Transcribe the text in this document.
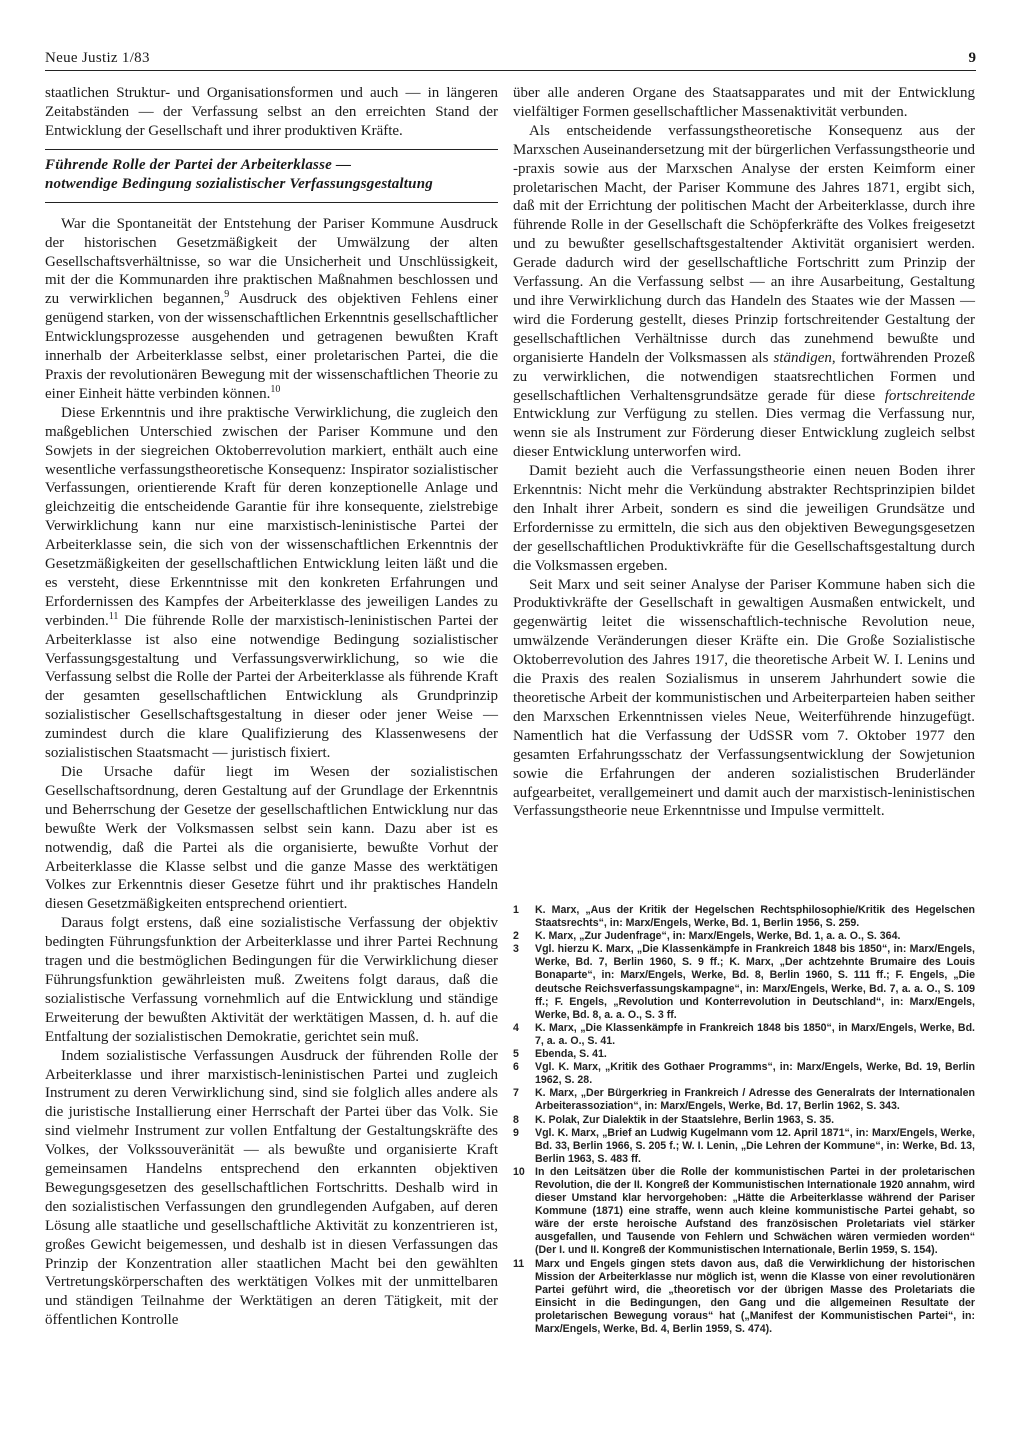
Neue Justiz 1/83	9

staatlichen Struktur- und Organisationsformen und auch — in längeren Zeitabständen — der Verfassung selbst an den erreichten Stand der Entwicklung der Gesellschaft und ihrer produktiven Kräfte.

Führende Rolle der Partei der Arbeiterklasse —
notwendige Bedingung sozialistischer Verfassungsgestaltung

War die Spontaneität der Entstehung der Pariser Kommune Ausdruck der historischen Gesetzmäßigkeit der Umwälzung der alten Gesellschaftsverhältnisse, so war die Unsicherheit und Unschlüssigkeit, mit der die Kommunarden ihre praktischen Maßnahmen beschlossen und zu verwirklichen begannen,$^9$ Ausdruck des objektiven Fehlens einer genügend starken, von der wissenschaftlichen Erkenntnis gesellschaftlicher Entwicklungsprozesse ausgehenden und getragenen bewußten Kraft innerhalb der Arbeiterklasse selbst, einer proletarischen Partei, die die Praxis der revolutionären Bewegung mit der wissenschaftlichen Theorie zu einer Einheit hätte verbinden können.$^{10}$

Diese Erkenntnis und ihre praktische Verwirklichung, die zugleich den maßgeblichen Unterschied zwischen der Pariser Kommune und den Sowjets in der siegreichen Oktoberrevolution markiert, enthält auch eine wesentliche verfassungstheoretische Konsequenz: Inspirator sozialistischer Verfassungen, orientierende Kraft für deren konzeptionelle Anlage und gleichzeitig die entscheidende Garantie für ihre konsequente, zielstrebige Verwirklichung kann nur eine marxistisch-leninistische Partei der Arbeiterklasse sein, die sich von der wissenschaftlichen Erkenntnis der Gesetzmäßigkeiten der gesellschaftlichen Entwicklung leiten läßt und die es versteht, diese Erkenntnisse mit den konkreten Erfahrungen und Erfordernissen des Kampfes der Arbeiterklasse des jeweiligen Landes zu verbinden.$^{11}$ Die führende Rolle der marxistisch-leninistischen Partei der Arbeiterklasse ist also eine notwendige Bedingung sozialistischer Verfassungsgestaltung und Verfassungsverwirklichung, so wie die Verfassung selbst die Rolle der Partei der Arbeiterklasse als führende Kraft der gesamten gesellschaftlichen Entwicklung als Grundprinzip sozialistischer Gesellschaftsgestaltung in dieser oder jener Weise — zumindest durch die klare Qualifizierung des Klassenwesens der sozialistischen Staatsmacht — juristisch fixiert.

Die Ursache dafür liegt im Wesen der sozialistischen Gesellschaftsordnung, deren Gestaltung auf der Grundlage der Erkenntnis und Beherrschung der Gesetze der gesellschaftlichen Entwicklung nur das bewußte Werk der Volksmassen selbst sein kann. Dazu aber ist es notwendig, daß die Partei als die organisierte, bewußte Vorhut der Arbeiterklasse die Klasse selbst und die ganze Masse des werktätigen Volkes zur Erkenntnis dieser Gesetze führt und ihr praktisches Handeln diesen Gesetzmäßigkeiten entsprechend orientiert.

Daraus folgt erstens, daß eine sozialistische Verfassung der objektiv bedingten Führungsfunktion der Arbeiterklasse und ihrer Partei Rechnung tragen und die bestmöglichen Bedingungen für die Verwirklichung dieser Führungsfunktion gewährleisten muß. Zweitens folgt daraus, daß die sozialistische Verfassung vornehmlich auf die Entwicklung und ständige Erweiterung der bewußten Aktivität der werktätigen Massen, d. h. auf die Entfaltung der sozialistischen Demokratie, gerichtet sein muß.

Indem sozialistische Verfassungen Ausdruck der führenden Rolle der Arbeiterklasse und ihrer marxistisch-leninistischen Partei und zugleich Instrument zu deren Verwirklichung sind, sind sie folglich alles andere als die juristische Installierung einer Herrschaft der Partei über das Volk. Sie sind vielmehr Instrument zur vollen Entfaltung der Gestaltungskräfte des Volkes, der Volkssouveränität — als bewußte und organisierte Kraft gemeinsamen Handelns entsprechend den erkannten objektiven Bewegungsgesetzen des gesellschaftlichen Fortschritts. Deshalb wird in den sozialistischen Verfassungen den grundlegenden Aufgaben, auf deren Lösung alle staatliche und gesellschaftliche Aktivität zu konzentrieren ist, großes Gewicht beigemessen, und deshalb ist in diesen Verfassungen das Prinzip der Konzentration aller staatlichen Macht bei den gewählten Vertretungskörperschaften des werktätigen Volkes mit der unmittelbaren und ständigen Teilnahme der Werktätigen an deren Tätigkeit, mit der öffentlichen Kontrolle

über alle anderen Organe des Staatsapparates und mit der Entwicklung vielfältiger Formen gesellschaftlicher Massenaktivität verbunden.

Als entscheidende verfassungstheoretische Konsequenz aus der Marxschen Auseinandersetzung mit der bürgerlichen Verfassungstheorie und -praxis sowie aus der Marxschen Analyse der ersten Keimform einer proletarischen Macht, der Pariser Kommune des Jahres 1871, ergibt sich, daß mit der Errichtung der politischen Macht der Arbeiterklasse, durch ihre führende Rolle in der Gesellschaft die Schöpferkräfte des Volkes freigesetzt und zu bewußter gesellschaftsgestaltender Aktivität organisiert werden. Gerade dadurch wird der gesellschaftliche Fortschritt zum Prinzip der Verfassung. An die Verfassung selbst — an ihre Ausarbeitung, Gestaltung und ihre Verwirklichung durch das Handeln des Staates wie der Massen — wird die Forderung gestellt, dieses Prinzip fortschreitender Gestaltung der gesellschaftlichen Verhältnisse durch das zunehmend bewußte und organisierte Handeln der Volksmassen als ständigen, fortwährenden Prozeß zu verwirklichen, die notwendigen staatsrechtlichen Formen und gesellschaftlichen Verhaltensgrundsätze gerade für diese fortschreitende Entwicklung zur Verfügung zu stellen. Dies vermag die Verfassung nur, wenn sie als Instrument zur Förderung dieser Entwicklung zugleich selbst dieser Entwicklung unterworfen wird.

Damit bezieht auch die Verfassungstheorie einen neuen Boden ihrer Erkenntnis: Nicht mehr die Verkündung abstrakter Rechtsprinzipien bildet den Inhalt ihrer Arbeit, sondern es sind die jeweiligen Grundsätze und Erfordernisse zu ermitteln, die sich aus den objektiven Bewegungsgesetzen der gesellschaftlichen Produktivkräfte für die Gesellschaftsgestaltung durch die Volksmassen ergeben.

Seit Marx und seit seiner Analyse der Pariser Kommune haben sich die Produktivkräfte der Gesellschaft in gewaltigen Ausmaßen entwickelt, und gegenwärtig leitet die wissenschaftlich-technische Revolution neue, umwälzende Veränderungen dieser Kräfte ein. Die Große Sozialistische Oktoberrevolution des Jahres 1917, die theoretische Arbeit W. I. Lenins und die Praxis des realen Sozialismus in unserem Jahrhundert sowie die theoretische Arbeit der kommunistischen und Arbeiterparteien haben seither den Marxschen Erkenntnissen vieles Neue, Weiterführende hinzugefügt. Namentlich hat die Verfassung der UdSSR vom 7. Oktober 1977 den gesamten Erfahrungsschatz der Verfassungsentwicklung der Sowjetunion sowie die Erfahrungen der anderen sozialistischen Bruderländer aufgearbeitet, verallgemeinert und damit auch der marxistisch-leninistischen Verfassungstheorie neue Erkenntnisse und Impulse vermittelt.

1	K. Marx, „Aus der Kritik der Hegelschen Rechtsphilosophie/Kritik des Hegelschen Staatsrechts“, in: Marx/Engels, Werke, Bd. 1, Berlin 1956, S. 259.
2	K. Marx, „Zur Judenfrage“, in: Marx/Engels, Werke, Bd. 1, a. a. O., S. 364.
3	Vgl. hierzu K. Marx, „Die Klassenkämpfe in Frankreich 1848 bis 1850“, in: Marx/Engels, Werke, Bd. 7, Berlin 1960, S. 9 ff.; K. Marx, „Der achtzehnte Brumaire des Louis Bonaparte“, in: Marx/Engels, Werke, Bd. 8, Berlin 1960, S. 111 ff.; F. Engels, „Die deutsche Reichsverfassungskampagne“, in: Marx/Engels, Werke, Bd. 7, a. a. O., S. 109 ff.; F. Engels, „Revolution und Konterrevolution in Deutschland“, in: Marx/Engels, Werke, Bd. 8, a. a. O., S. 3 ff.
4	K. Marx, „Die Klassenkämpfe in Frankreich 1848 bis 1850“, in Marx/Engels, Werke, Bd. 7, a. a. O., S. 41.
5	Ebenda, S. 41.
6	Vgl. K. Marx, „Kritik des Gothaer Programms“, in: Marx/Engels, Werke, Bd. 19, Berlin 1962, S. 28.
7	K. Marx, „Der Bürgerkrieg in Frankreich / Adresse des Generalrats der Internationalen Arbeiterassoziation“, in: Marx/Engels, Werke, Bd. 17, Berlin 1962, S. 343.
8	K. Polak, Zur Dialektik in der Staatslehre, Berlin 1963, S. 35.
9	Vgl. K. Marx, „Brief an Ludwig Kugelmann vom 12. April 1871“, in: Marx/Engels, Werke, Bd. 33, Berlin 1966, S. 205 f.; W. I. Lenin, „Die Lehren der Kommune“, in: Werke, Bd. 13, Berlin 1963, S. 483 ff.
10 In den Leitsätzen über die Rolle der kommunistischen Partei in der proletarischen Revolution, die der II. Kongreß der Kommunistischen Internationale 1920 annahm, wird dieser Umstand klar hervorgehoben: „Hätte die Arbeiterklasse während der Pariser Kommune (1871) eine straffe, wenn auch kleine kommunistische Partei gehabt, so wäre der erste heroische Aufstand des französischen Proletariats viel stärker ausgefallen, und Tausende von Fehlern und Schwächen wären vermieden worden“ (Der I. und II. Kongreß der Kommunistischen Internationale, Berlin 1959, S. 154).
11	Marx und Engels gingen stets davon aus, daß die Verwirklichung der historischen Mission der Arbeiterklasse nur möglich ist, wenn die Klasse von einer revolutionären Partei geführt wird, die „theoretisch vor der übrigen Masse des Proletariats die Einsicht in die Bedingungen, den Gang und die allgemeinen Resultate der proletarischen Bewegung voraus“ hat („Manifest der Kommunistischen Partei“, in: Marx/Engels, Werke, Bd. 4, Berlin 1959, S. 474).
